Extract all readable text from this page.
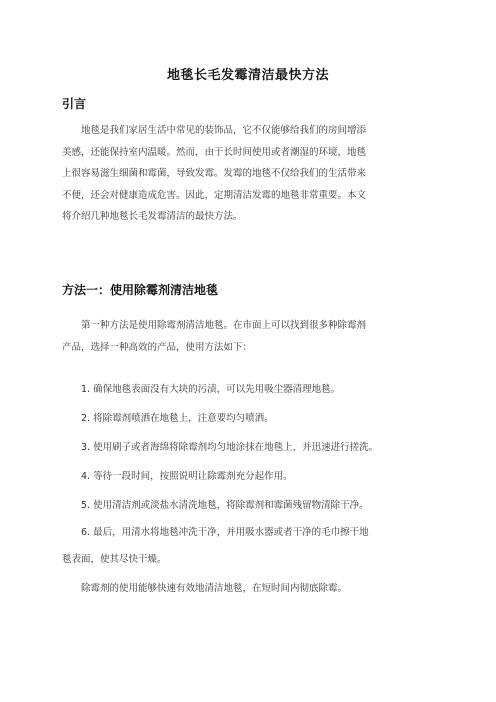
地毯长毛发霉清洁最快方法
引言
地毯是我们家居生活中常见的装饰品，它不仅能够给我们的房间增添
美感，还能保持室内温暖。然而，由于长时间使用或者潮湿的环境，地毯
上很容易滋生细菌和霉菌，导致发霉。发霉的地毯不仅给我们的生活带来
不便，还会对健康造成危害。因此，定期清洁发霉的地毯非常重要。本文
将介绍几种地毯长毛发霉清洁的最快方法。
方法一：使用除霉剂清洁地毯
第一种方法是使用除霉剂清洁地毯。在市面上可以找到很多种除霉剂
产品，选择一种高效的产品，使用方法如下：
1. 确保地毯表面没有大块的污渍，可以先用吸尘器清理地毯。
2. 将除霉剂喷洒在地毯上，注意要均匀喷洒。
3. 使用刷子或者海绵将除霉剂均匀地涂抹在地毯上，并迅速进行搓洗。
4. 等待一段时间，按照说明让除霉剂充分起作用。
5. 使用清洁剂或淡盐水清洗地毯，将除霉剂和霉菌残留物清除干净。
6. 最后，用清水将地毯冲洗干净，并用吸水器或者干净的毛巾擦干地
毯表面，使其尽快干燥。
除霉剂的使用能够快速有效地清洁地毯，在短时间内彻底除霉。
